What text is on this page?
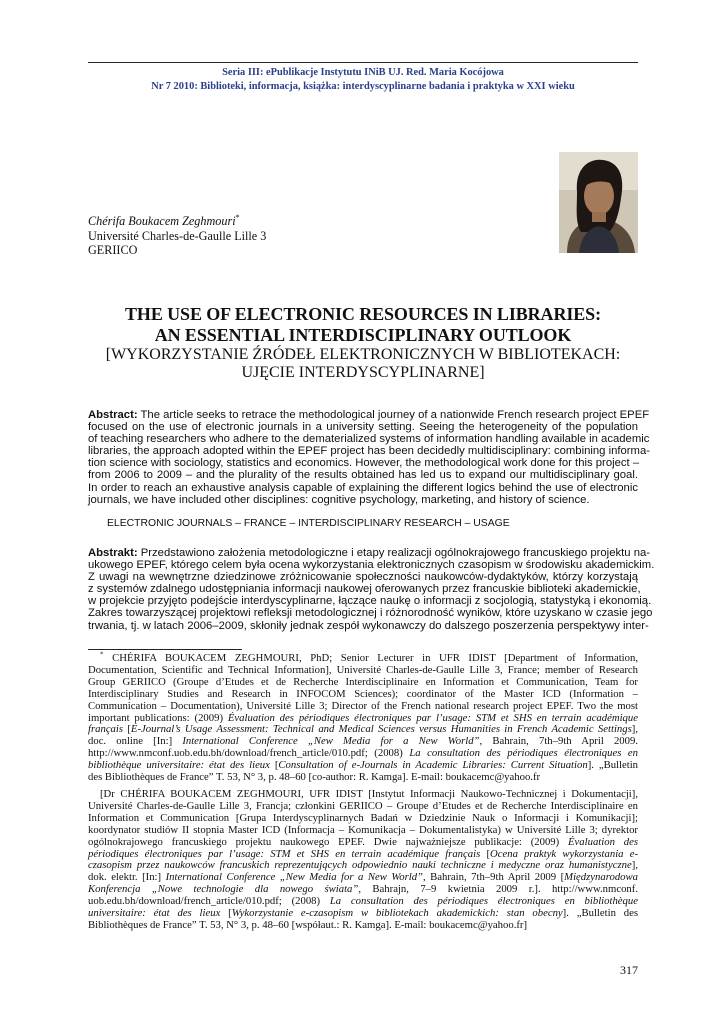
Seria III: ePublikacje Instytutu INiB UJ. Red. Maria Kocójowa
Nr 7 2010: Biblioteki, informacja, książka: interdyscyplinarne badania i praktyka w XXI wieku
Chérifa Boukacem Zeghmouri*
Université Charles-de-Gaulle Lille 3
GERIICO
THE USE OF ELECTRONIC RESOURCES IN LIBRARIES:
AN ESSENTIAL INTERDISCIPLINARY OUTLOOK
[WYKORZYSTANIE ŹRÓDEŁ ELEKTRONICZNYCH W BIBLIOTEKACH:
UJĘCIE INTERDYSCYPLINARNE]
Abstract: The article seeks to retrace the methodological journey of a nationwide French research project EPEF
focused on the use of electronic journals in a university setting. Seeing the heterogeneity of the population
of teaching researchers who adhere to the dematerialized systems of information handling available in academic
libraries, the approach adopted within the EPEF project has been decidedly multidisciplinary: combining informa-
tion science with sociology, statistics and economics. However, the methodological work done for this project –
from 2006 to 2009 – and the plurality of the results obtained has led us to expand our multidisciplinary goal.
In order to reach an exhaustive analysis capable of explaining the different logics behind the use of electronic
journals, we have included other disciplines: cognitive psychology, marketing, and history of science.
ELECTRONIC JOURNALS – FRANCE – INTERDISCIPLINARY RESEARCH – USAGE
Abstrakt: Przedstawiono założenia metodologiczne i etapy realizacji ogólnokrajowego francuskiego projektu na-
ukowego EPEF, którego celem była ocena wykorzystania elektronicznych czasopism w środowisku akademickim.
Z uwagi na wewnętrzne dziedzinowe zróżnicowanie społeczności naukowców-dydaktyków, którzy korzystają
z systemów zdalnego udostępniania informacji naukowej oferowanych przez francuskie biblioteki akademickie,
w projekcie przyjęto podejście interdyscyplinarne, łączące naukę o informacji z socjologią, statystyką i ekonomią.
Zakres towarzyszącej projektowi refleksji metodologicznej i różnorodność wyników, które uzyskano w czasie jego
trwania, tj. w latach 2006–2009, skłoniły jednak zespół wykonawczy do dalszego poszerzenia perspektywy inter-
* CHÉRIFA BOUKACEM ZEGHMOURI, PhD; Senior Lecturer in UFR IDIST [Department of Information,
Documentation, Scientific and Technical Information], Université Charles-de-Gaulle Lille 3, France; member of Research
Group GERIICO (Groupe d’Etudes et de Recherche Interdisciplinaire en Information et Communication, Team for
Interdisciplinary Studies and Research in INFOCOM Sciences); coordinator of the Master ICD (Information –
Communication – Documentation), Université Lille 3; Director of the French national research project EPEF. Two the most
important publications: (2009) Évaluation des périodiques électroniques par l’usage: STM et SHS en terrain académique
français [E-Journal’s Usage Assessment: Technical and Medical Sciences versus Humanities in French Academic Settings],
doc. online [In:] International Conference „New Media for a New World”, Bahrain, 7th–9th April 2009.
http://www.nmconf.uob.edu.bh/download/french_article/010.pdf; (2008) La consultation des périodiques électroniques en
bibliothèque universitaire: état des lieux [Consultation of e-Journals in Academic Libraries: Current Situation]. „Bulletin
des Bibliothèques de France” T. 53, N° 3, p. 48–60 [co-author: R. Kamga]. E-mail: boukacemc@yahoo.fr
[Dr CHÉRIFA BOUKACEM ZEGHMOURI, UFR IDIST [Instytut Informacji Naukowo-Technicznej i Dokumentacji],
Université Charles-de-Gaulle Lille 3, Francja; członkini GERIICO – Groupe d’Etudes et de Recherche Interdisciplinaire en
Information et Communication [Grupa Interdyscyplinarnych Badań w Dziedzinie Nauk o Informacji i Komunikacji];
koordynator studiów II stopnia Master ICD (Informacja – Komunikacja – Dokumentalistyka) w Université Lille 3; dyrektor
ogólnokrajowego francuskiego projektu naukowego EPEF. Dwie najważniejsze publikacje: (2009) Évaluation des
périodiques électroniques par l’usage: STM et SHS en terrain académique français [Ocena praktyk wykorzystania e-
czasopism przez naukowców francuskich reprezentujących odpowiednio nauki techniczne i medyczne oraz humanistyczne],
dok. elektr. [In:] International Conference „New Media for a New World”, Bahrain, 7th–9th April 2009 [Międzynarodowa
Konferencja „Nowe technologie dla nowego świata”, Bahrajn, 7–9 kwietnia 2009 r.]. http://www.nmconf.
uob.edu.bh/download/french_article/010.pdf; (2008) La consultation des périodiques électroniques en bibliothèque
universitaire: état des lieux [Wykorzystanie e-czasopism w bibliotekach akademickich: stan obecny]. „Bulletin des
Bibliothèques de France” T. 53, N° 3, p. 48–60 [współaut.: R. Kamga]. E-mail: boukacemc@yahoo.fr]
317
